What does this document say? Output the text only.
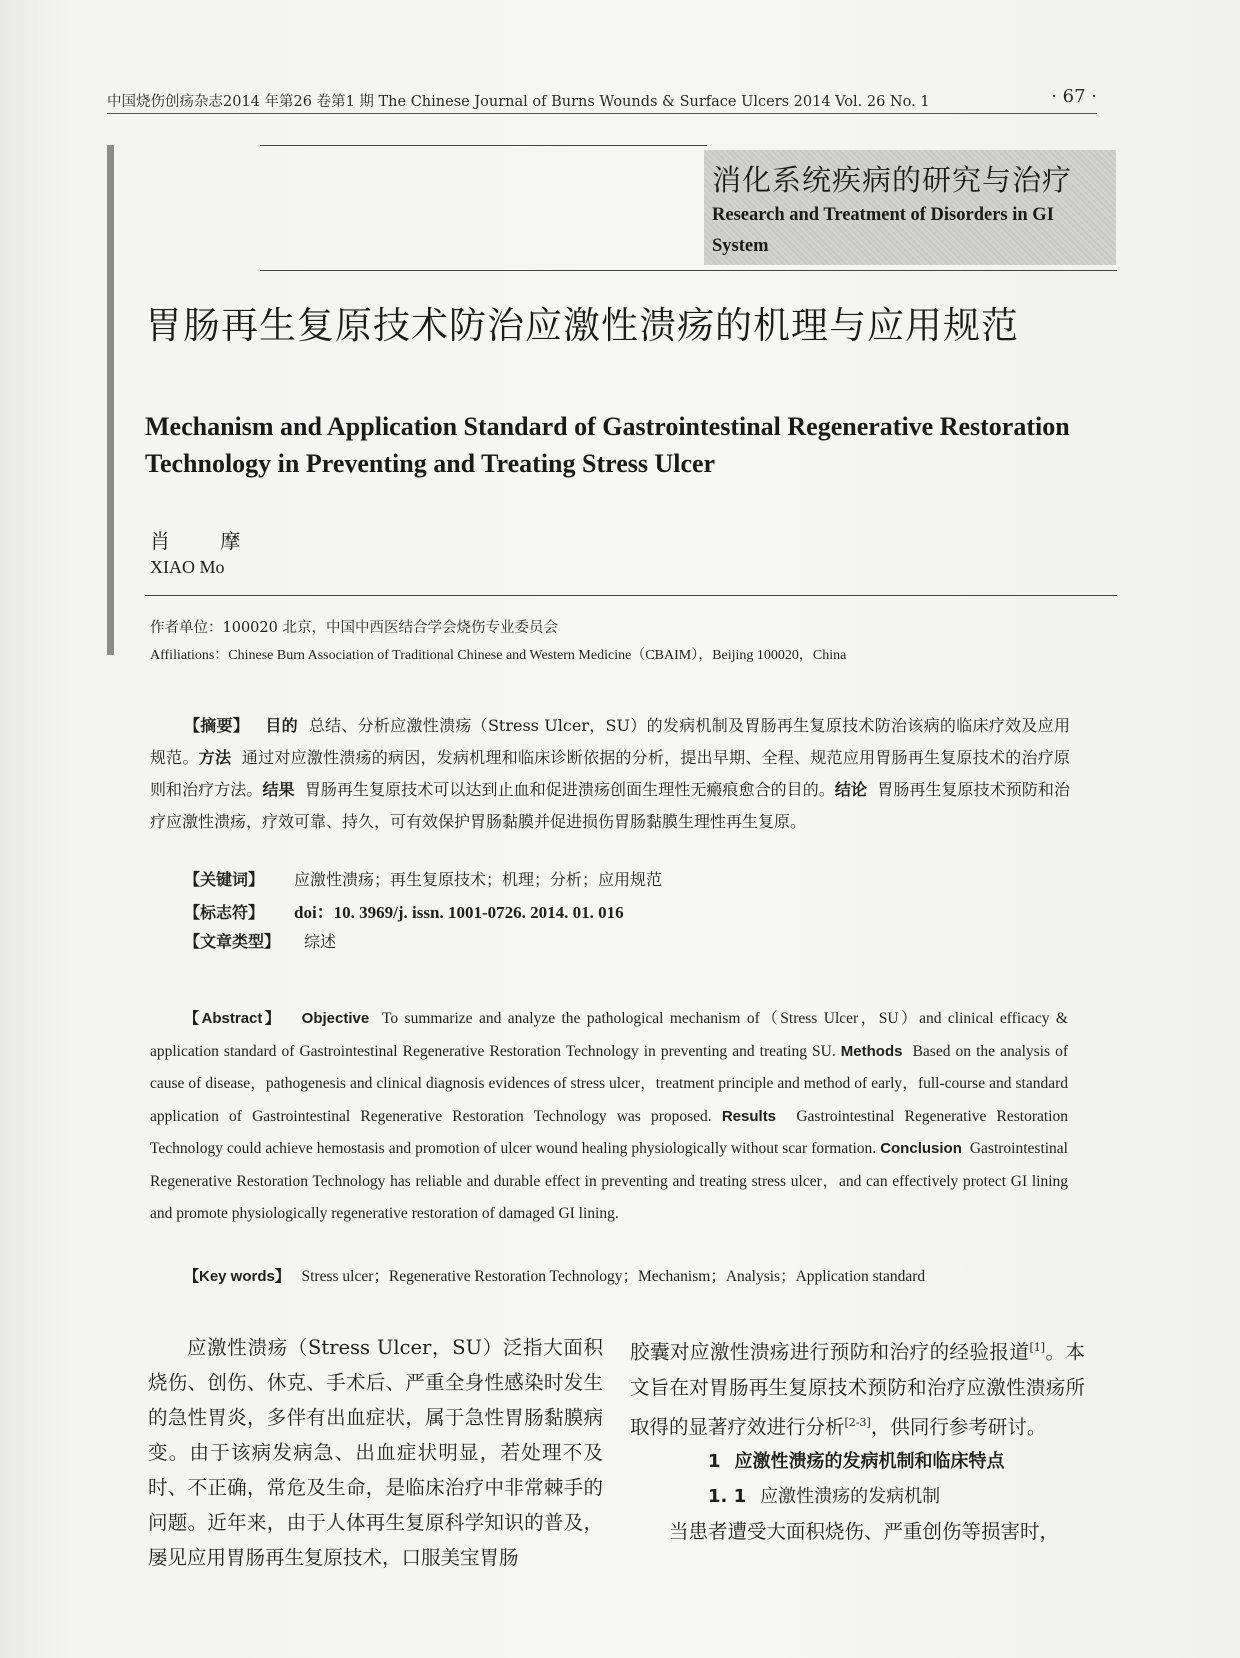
中国烧伤创疡杂志2014 年第26 卷第1 期 The Chinese Journal of Burns Wounds & Surface Ulcers 2014 Vol. 26 No. 1	· 67 ·
消化系统疾病的研究与治疗
Research and Treatment of Disorders in GI System
胃肠再生复原技术防治应激性溃疡的机理与应用规范
Mechanism and Application Standard of Gastrointestinal Regenerative Restoration Technology in Preventing and Treating Stress Ulcer
肖 摩
XIAO Mo
作者单位：100020 北京，中国中西医结合学会烧伤专业委员会
Affiliations：Chinese Burn Association of Traditional Chinese and Western Medicine（CBAIM），Beijing 100020，China

【摘要】 目的 总结、分析应激性溃疡（Stress Ulcer，SU）的发病机制及胃肠再生复原技术防治该病的临床疗效及应用规范。方法 通过对应激性溃疡的病因，发病机理和临床诊断依据的分析，提出早期、全程、规范应用胃肠再生复原技术的治疗原则和治疗方法。结果 胃肠再生复原技术可以达到止血和促进溃疡创面生理性无瘢痕愈合的目的。结论 胃肠再生复原技术预防和治疗应激性溃疡，疗效可靠、持久，可有效保护胃肠黏膜并促进损伤胃肠黏膜生理性再生复原。

【关键词】 应激性溃疡；再生复原技术；机理；分析；应用规范
【标志符】 doi：10. 3969/j. issn. 1001-0726. 2014. 01. 016
【文章类型】 综述

【Abstract】 Objective To summarize and analyze the pathological mechanism of（Stress Ulcer，SU）and clinical efficacy & application standard of Gastrointestinal Regenerative Restoration Technology in preventing and treating SU. Methods Based on the analysis of cause of disease，pathogenesis and clinical diagnosis evidences of stress ulcer，treatment principle and method of early，full-course and standard application of Gastrointestinal Regenerative Restoration Technology was proposed. Results Gastrointestinal Regenerative Restoration Technology could achieve hemostasis and promotion of ulcer wound healing physiologically without scar formation. Conclusion Gastrointestinal Regenerative Restoration Technology has reliable and durable effect in preventing and treating stress ulcer，and can effectively protect GI lining and promote physiologically regenerative restoration of damaged GI lining.

【Key words】 Stress ulcer；Regenerative Restoration Technology；Mechanism；Analysis；Application standard

应激性溃疡（Stress Ulcer，SU）泛指大面积烧伤、创伤、休克、手术后、严重全身性感染时发生的急性胃炎，多伴有出血症状，属于急性胃肠黏膜病变。由于该病发病急、出血症状明显，若处理不及时、不正确，常危及生命，是临床治疗中非常棘手的问题。近年来，由于人体再生复原科学知识的普及，屡见应用胃肠再生复原技术，口服美宝胃肠

胶囊对应激性溃疡进行预防和治疗的经验报道[1]。本文旨在对胃肠再生复原技术预防和治疗应激性溃疡所取得的显著疗效进行分析[2-3]，供同行参考研讨。

1 应激性溃疡的发病机制和临床特点

1. 1 应激性溃疡的发病机制

当患者遭受大面积烧伤、严重创伤等损害时，
